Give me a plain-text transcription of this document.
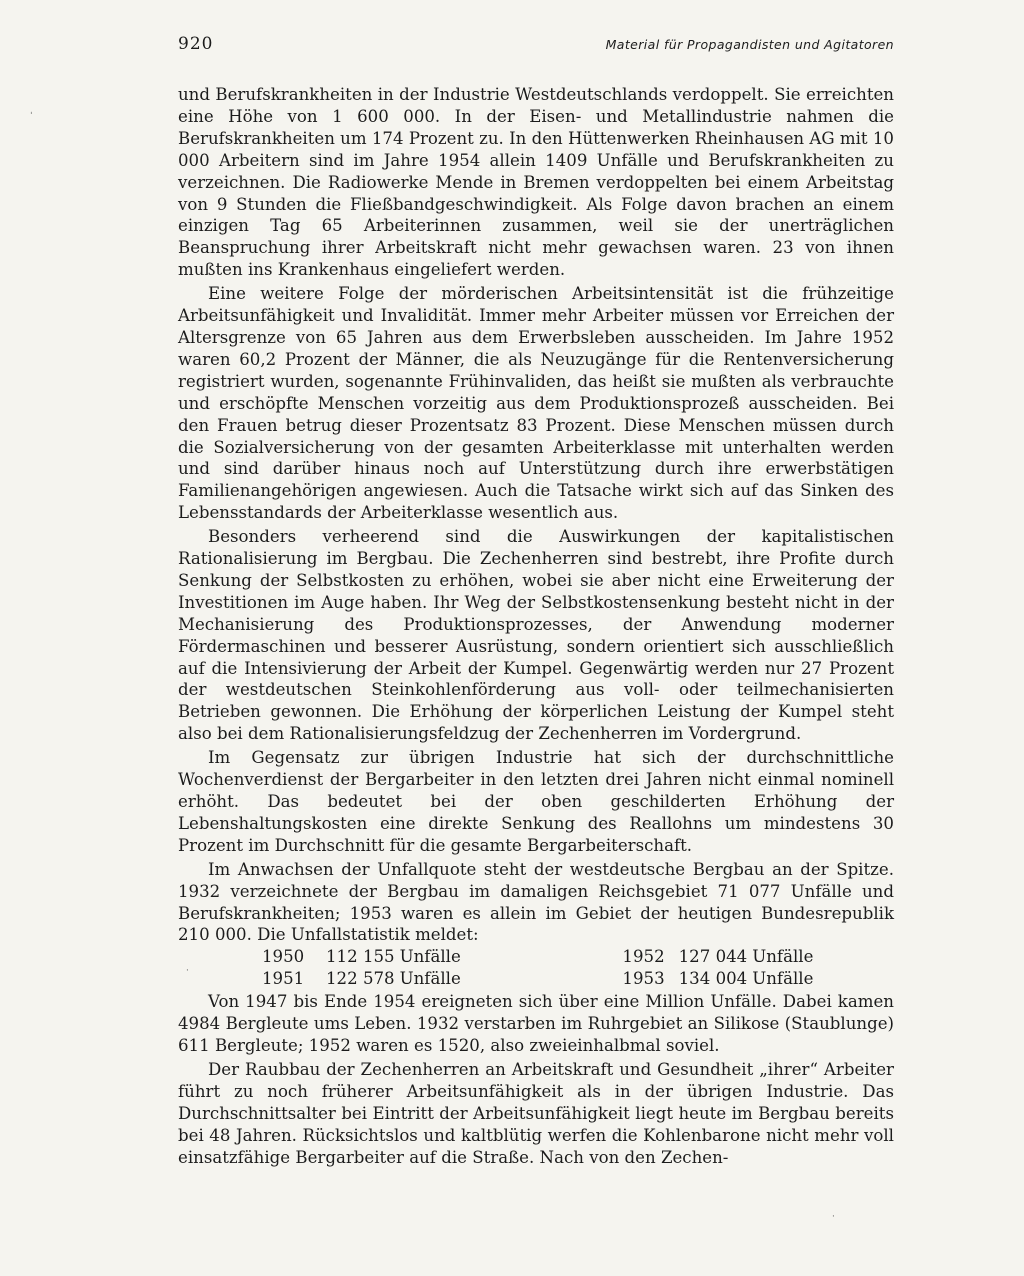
920	Material für Propagandisten und Agitatoren

und Berufskrankheiten in der Industrie Westdeutschlands verdoppelt. Sie erreichten eine Höhe von 1 600 000. In der Eisen- und Metallindustrie nahmen die Berufskrankheiten um 174 Prozent zu. In den Hüttenwerken Rheinhausen AG mit 10 000 Arbeitern sind im Jahre 1954 allein 1409 Unfälle und Berufskrankheiten zu verzeichnen. Die Radiowerke Mende in Bremen verdoppelten bei einem Arbeitstag von 9 Stunden die Fließbandgeschwindigkeit. Als Folge davon brachen an einem einzigen Tag 65 Arbeiterinnen zusammen, weil sie der unerträglichen Beanspruchung ihrer Arbeitskraft nicht mehr gewachsen waren. 23 von ihnen mußten ins Krankenhaus eingeliefert werden.

Eine weitere Folge der mörderischen Arbeitsintensität ist die frühzeitige Arbeitsunfähigkeit und Invalidität. Immer mehr Arbeiter müssen vor Erreichen der Altersgrenze von 65 Jahren aus dem Erwerbsleben ausscheiden. Im Jahre 1952 waren 60,2 Prozent der Männer, die als Neuzugänge für die Rentenversicherung registriert wurden, sogenannte Frühinvaliden, das heißt sie mußten als verbrauchte und erschöpfte Menschen vorzeitig aus dem Produktionsprozeß ausscheiden. Bei den Frauen betrug dieser Prozentsatz 83 Prozent. Diese Menschen müssen durch die Sozialversicherung von der gesamten Arbeiterklasse mit unterhalten werden und sind darüber hinaus noch auf Unterstützung durch ihre erwerbstätigen Familienangehörigen angewiesen. Auch die Tatsache wirkt sich auf das Sinken des Lebensstandards der Arbeiterklasse wesentlich aus.

Besonders verheerend sind die Auswirkungen der kapitalistischen Rationalisierung im Bergbau. Die Zechenherren sind bestrebt, ihre Profite durch Senkung der Selbstkosten zu erhöhen, wobei sie aber nicht eine Erweiterung der Investitionen im Auge haben. Ihr Weg der Selbstkostensenkung besteht nicht in der Mechanisierung des Produktionsprozesses, der Anwendung moderner Fördermaschinen und besserer Ausrüstung, sondern orientiert sich ausschließlich auf die Intensivierung der Arbeit der Kumpel. Gegenwärtig werden nur 27 Prozent der westdeutschen Steinkohlenförderung aus voll- oder teilmechanisierten Betrieben gewonnen. Die Erhöhung der körperlichen Leistung der Kumpel steht also bei dem Rationalisierungsfeldzug der Zechenherren im Vordergrund.

Im Gegensatz zur übrigen Industrie hat sich der durchschnittliche Wochenverdienst der Bergarbeiter in den letzten drei Jahren nicht einmal nominell erhöht. Das bedeutet bei der oben geschilderten Erhöhung der Lebenshaltungskosten eine direkte Senkung des Reallohns um mindestens 30 Prozent im Durchschnitt für die gesamte Bergarbeiterschaft.

Im Anwachsen der Unfallquote steht der westdeutsche Bergbau an der Spitze. 1932 verzeichnete der Bergbau im damaligen Reichsgebiet 71 077 Unfälle und Berufskrankheiten; 1953 waren es allein im Gebiet der heutigen Bundesrepublik 210 000. Die Unfallstatistik meldet:

1950	112 155	Unfälle	1952	127 044	Unfälle
1951	122 578	Unfälle	1953	134 004	Unfälle

Von 1947 bis Ende 1954 ereigneten sich über eine Million Unfälle. Dabei kamen 4984 Bergleute ums Leben. 1932 verstarben im Ruhrgebiet an Silikose (Staublunge) 611 Bergleute; 1952 waren es 1520, also zweieinhalbmal soviel.

Der Raubbau der Zechenherren an Arbeitskraft und Gesundheit „ihrer“ Arbeiter führt zu noch früherer Arbeitsunfähigkeit als in der übrigen Industrie. Das Durchschnittsalter bei Eintritt der Arbeitsunfähigkeit liegt heute im Bergbau bereits bei 48 Jahren. Rücksichtslos und kaltblütig werfen die Kohlenbarone nicht mehr voll einsatzfähige Bergarbeiter auf die Straße. Nach von den Zechen-

ˈ
·
·
